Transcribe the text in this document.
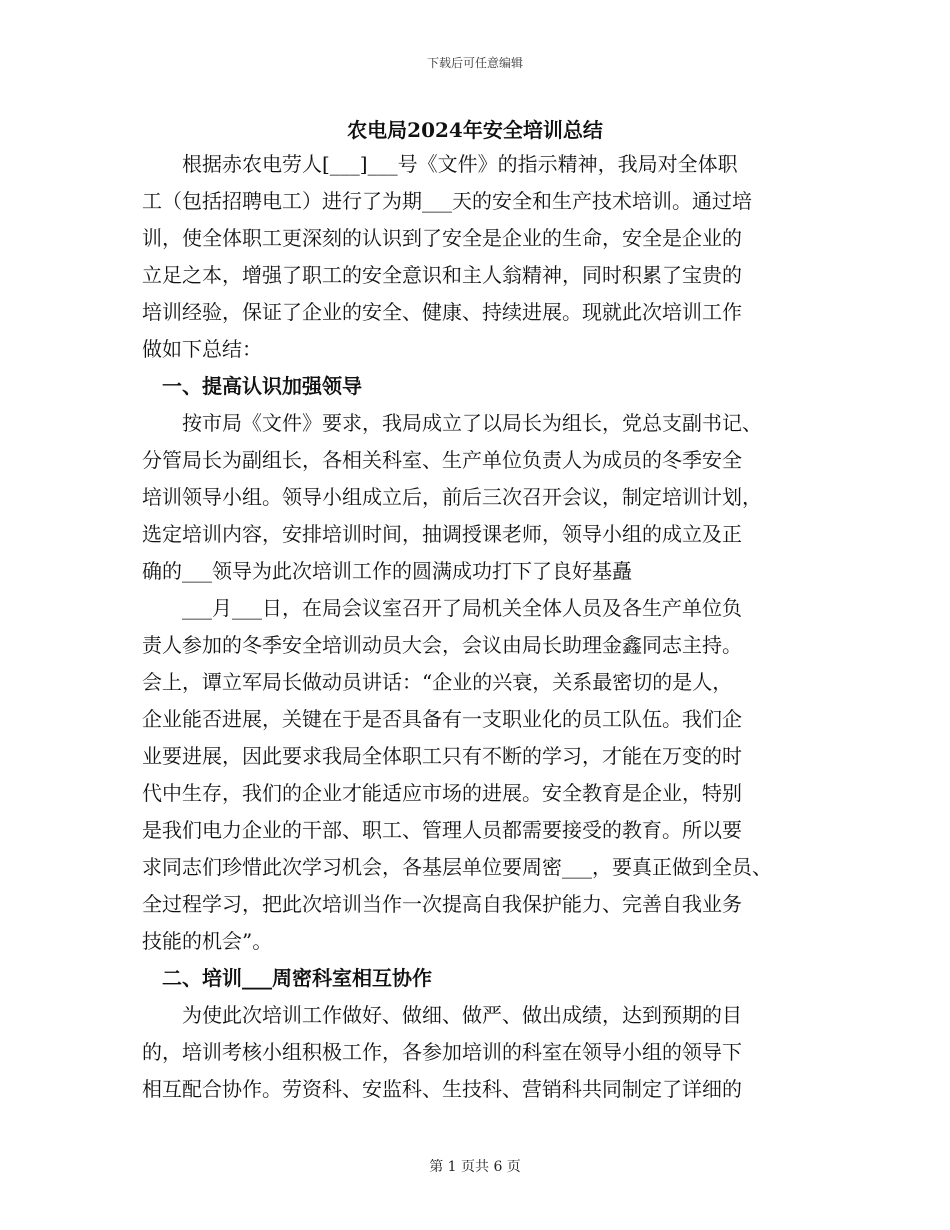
下载后可任意编辑
农电局2024年安全培训总结
　　根据赤农电劳人[___]___号《文件》的指示精神，我局对全体职
工（包括招聘电工）进行了为期___天的安全和生产技术培训。通过培
训，使全体职工更深刻的认识到了安全是企业的生命，安全是企业的
立足之本，增强了职工的安全意识和主人翁精神，同时积累了宝贵的
培训经验，保证了企业的安全、健康、持续进展。现就此次培训工作
做如下总结：
　一、提高认识加强领导
　　按市局《文件》要求，我局成立了以局长为组长，党总支副书记、
分管局长为副组长，各相关科室、生产单位负责人为成员的冬季安全
培训领导小组。领导小组成立后，前后三次召开会议，制定培训计划，
选定培训内容，安排培训时间，抽调授课老师，领导小组的成立及正
确的___领导为此次培训工作的圆满成功打下了良好基矗
　　___月___日，在局会议室召开了局机关全体人员及各生产单位负
责人参加的冬季安全培训动员大会，会议由局长助理金鑫同志主持。
会上，谭立军局长做动员讲话：“企业的兴衰，关系最密切的是人，
企业能否进展，关键在于是否具备有一支职业化的员工队伍。我们企
业要进展，因此要求我局全体职工只有不断的学习，才能在万变的时
代中生存，我们的企业才能适应市场的进展。安全教育是企业，特别
是我们电力企业的干部、职工、管理人员都需要接受的教育。所以要
求同志们珍惜此次学习机会，各基层单位要周密___，要真正做到全员、
全过程学习，把此次培训当作一次提高自我保护能力、完善自我业务
技能的机会”。
　二、培训___周密科室相互协作
　　为使此次培训工作做好、做细、做严、做出成绩，达到预期的目
的，培训考核小组积极工作，各参加培训的科室在领导小组的领导下
相互配合协作。劳资科、安监科、生技科、营销科共同制定了详细的
第 1 页共 6 页
